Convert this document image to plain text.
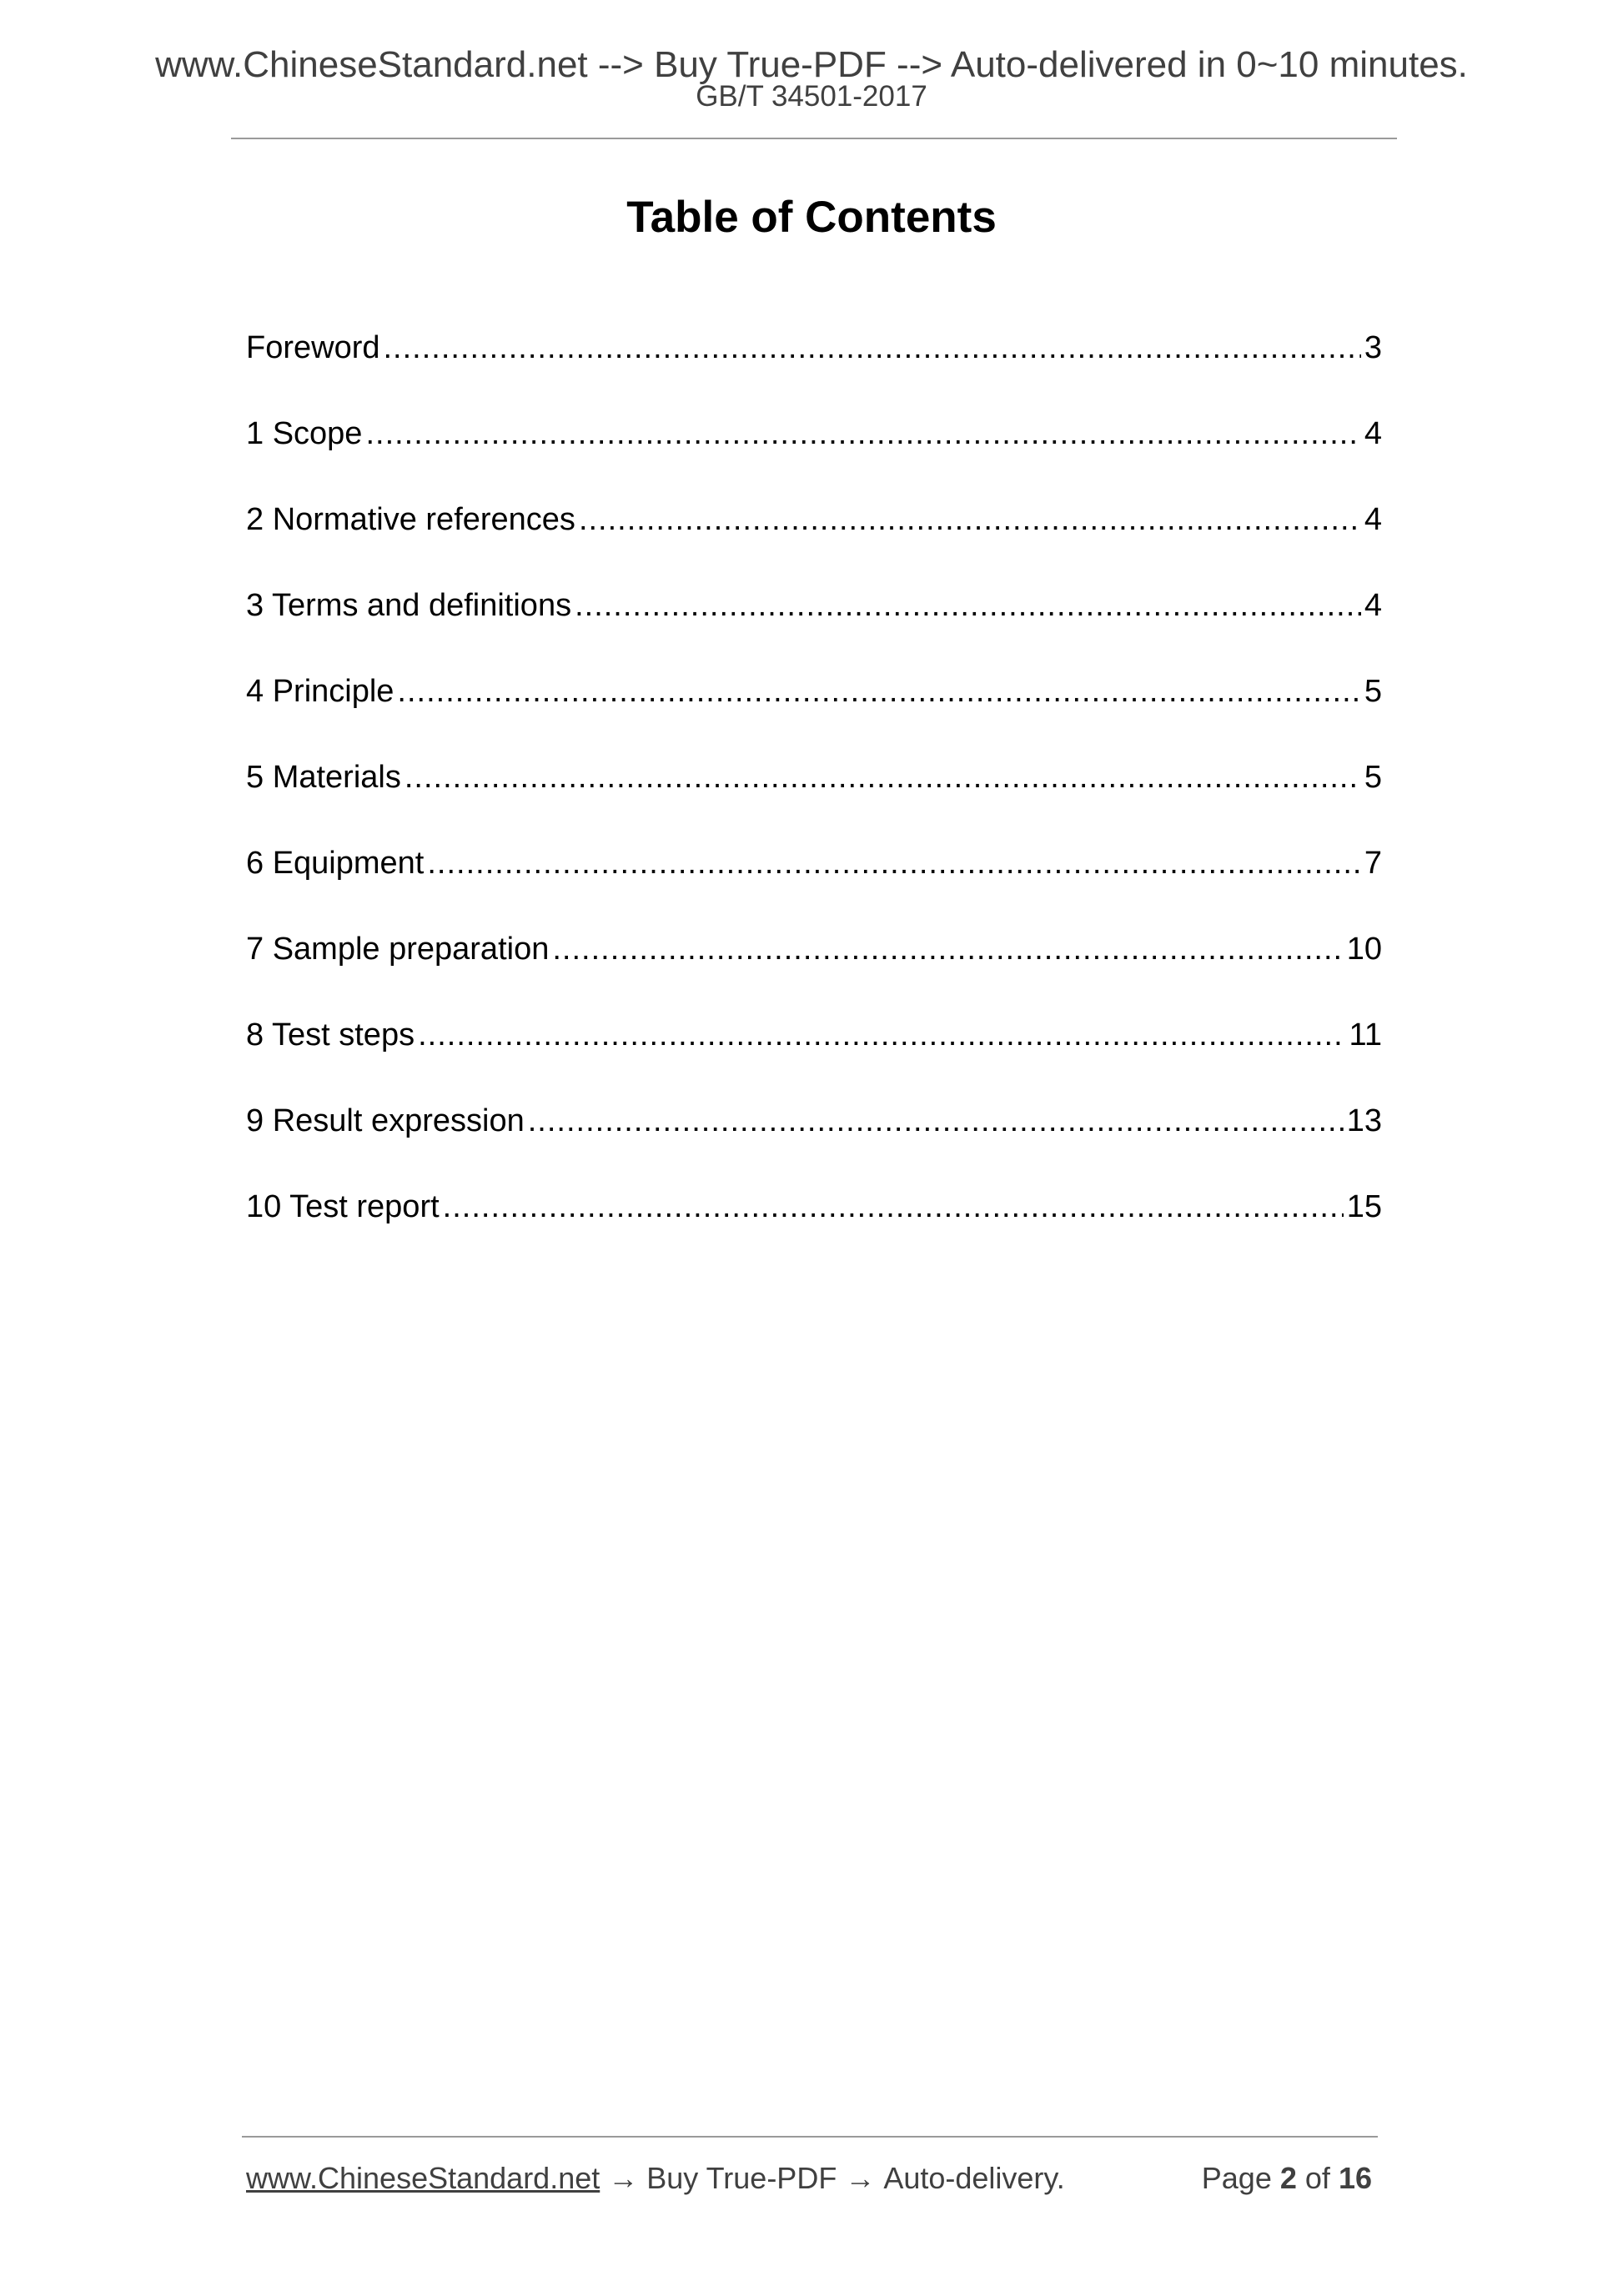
www.ChineseStandard.net --> Buy True-PDF --> Auto-delivered in 0~10 minutes.
GB/T 34501-2017
Table of Contents
Foreword .....	3
1 Scope .....	4
2 Normative references .....	4
3 Terms and definitions .....	4
4 Principle .....	5
5 Materials .....	5
6 Equipment .....	7
7 Sample preparation .....	10
8 Test steps .....	11
9 Result expression .....	13
10 Test report .....	15
www.ChineseStandard.net → Buy True-PDF → Auto-delivery.	Page 2 of 16
